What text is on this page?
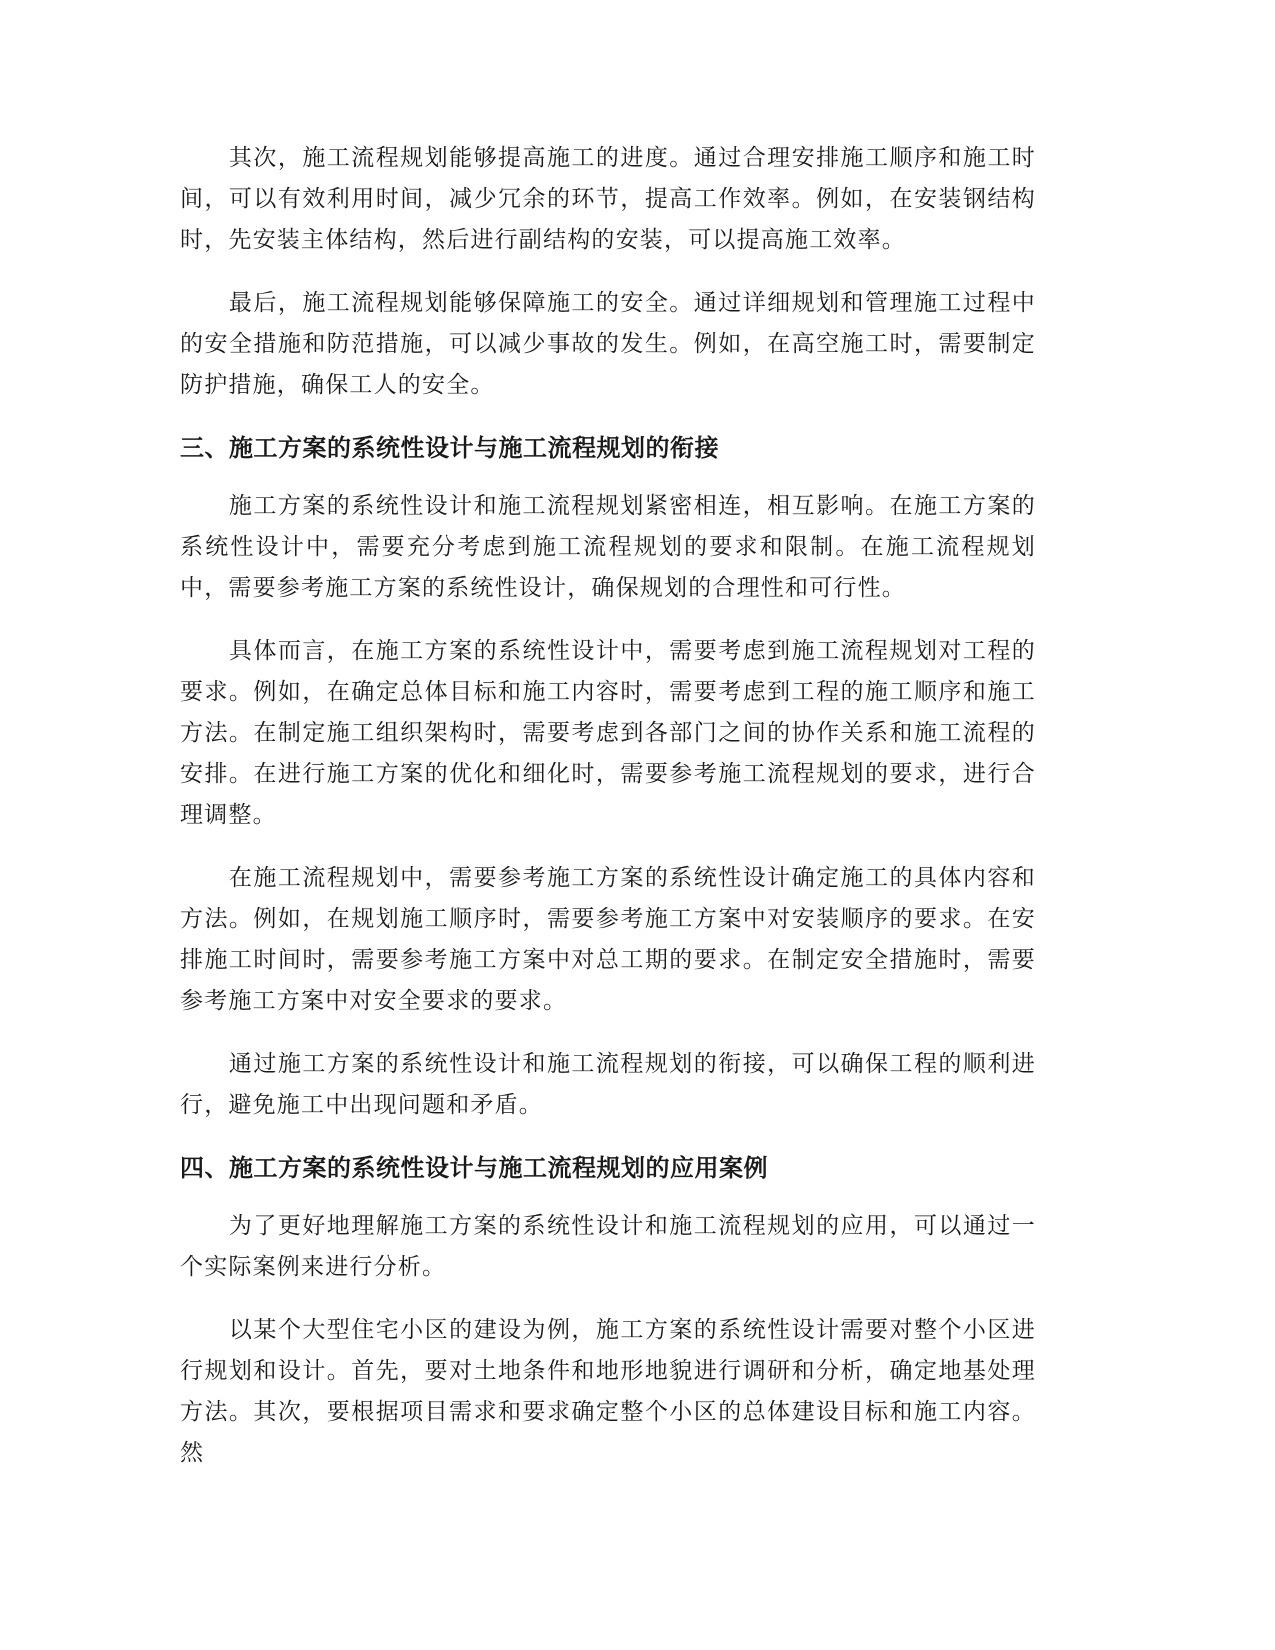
　　其次，施工流程规划能够提高施工的进度。通过合理安排施工顺序和施工时间，可以有效利用时间，减少冗余的环节，提高工作效率。例如，在安装钢结构时，先安装主体结构，然后进行副结构的安装，可以提高施工效率。

　　最后，施工流程规划能够保障施工的安全。通过详细规划和管理施工过程中的安全措施和防范措施，可以减少事故的发生。例如，在高空施工时，需要制定防护措施，确保工人的安全。

三、施工方案的系统性设计与施工流程规划的衔接

　　施工方案的系统性设计和施工流程规划紧密相连，相互影响。在施工方案的系统性设计中，需要充分考虑到施工流程规划的要求和限制。在施工流程规划中，需要参考施工方案的系统性设计，确保规划的合理性和可行性。

　　具体而言，在施工方案的系统性设计中，需要考虑到施工流程规划对工程的要求。例如，在确定总体目标和施工内容时，需要考虑到工程的施工顺序和施工方法。在制定施工组织架构时，需要考虑到各部门之间的协作关系和施工流程的安排。在进行施工方案的优化和细化时，需要参考施工流程规划的要求，进行合理调整。

　　在施工流程规划中，需要参考施工方案的系统性设计确定施工的具体内容和方法。例如，在规划施工顺序时，需要参考施工方案中对安装顺序的要求。在安排施工时间时，需要参考施工方案中对总工期的要求。在制定安全措施时，需要参考施工方案中对安全要求的要求。

　　通过施工方案的系统性设计和施工流程规划的衔接，可以确保工程的顺利进行，避免施工中出现问题和矛盾。

四、施工方案的系统性设计与施工流程规划的应用案例

　　为了更好地理解施工方案的系统性设计和施工流程规划的应用，可以通过一个实际案例来进行分析。

　　以某个大型住宅小区的建设为例，施工方案的系统性设计需要对整个小区进行规划和设计。首先，要对土地条件和地形地貌进行调研和分析，确定地基处理方法。其次，要根据项目需求和要求确定整个小区的总体建设目标和施工内容。然
